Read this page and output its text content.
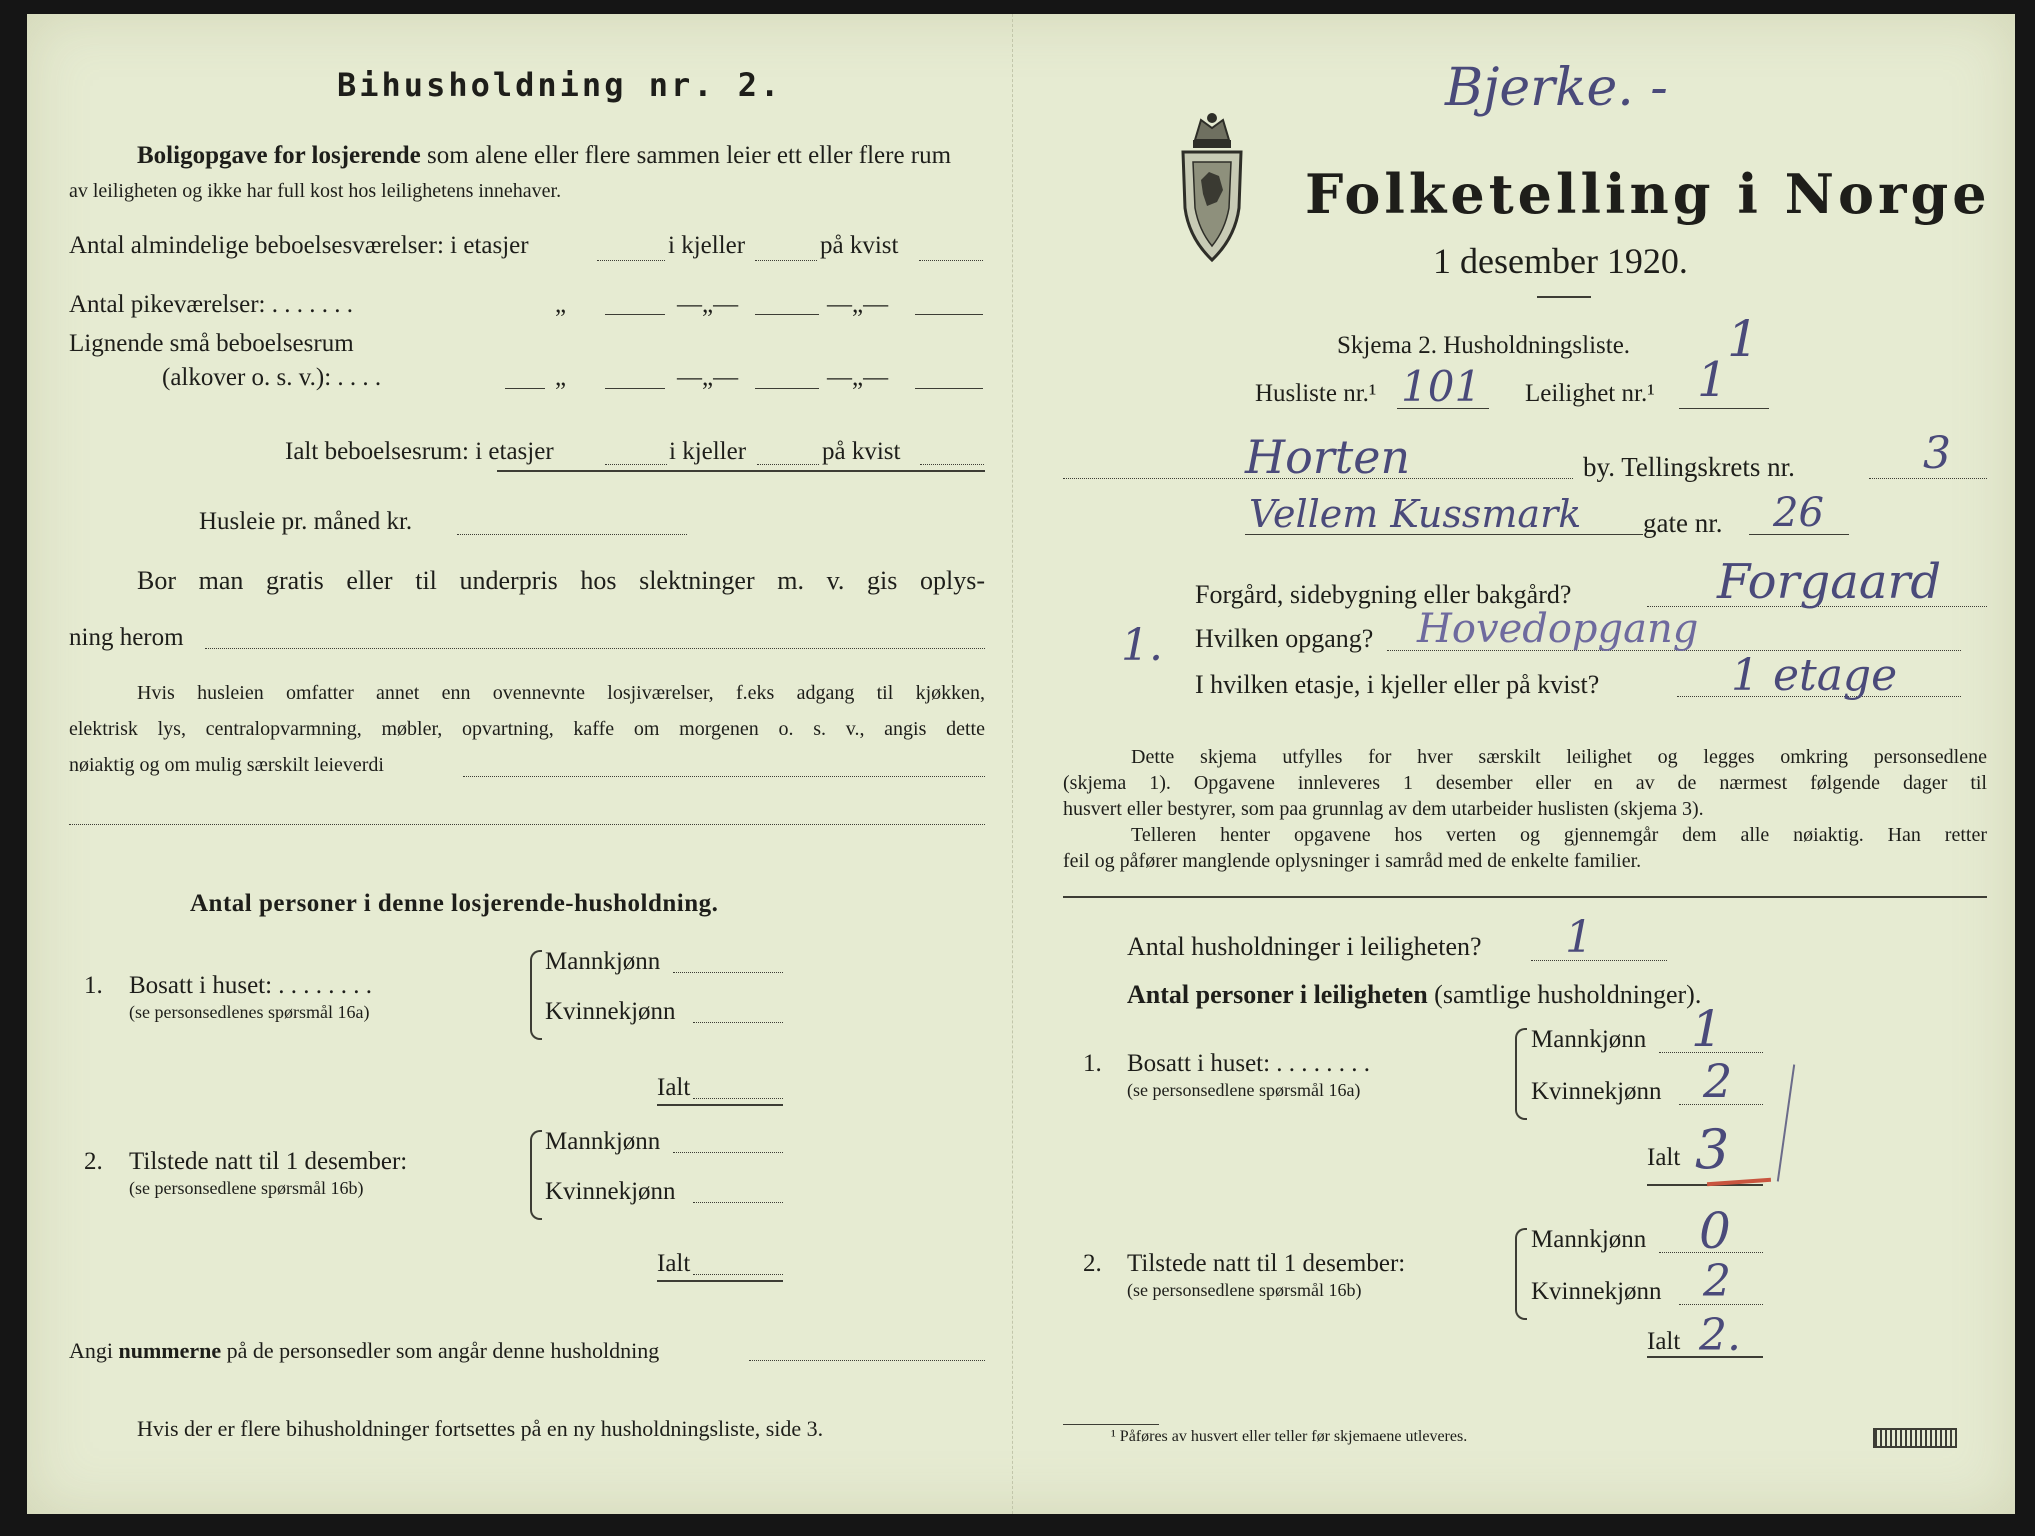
Bihusholdning nr. 2.
Boligopgave for losjerende som alene eller flere sammen leier ett eller flere rum
av leiligheten og ikke har full kost hos leilighetens innehaver.
Antal almindelige beboelsesværelser: i etasjer	i kjeller	på kvist
Antal pikeværelser: . . . . . . .	„	—„—	—„—
Lignende små beboelsesrum
(alkover o. s. v.): . . . .	„	—„—	—„—
Ialt beboelsesrum: i etasjer	i kjeller	på kvist
Husleie pr. måned kr.
Bor man gratis eller til underpris hos slektninger m. v. gis oplys-
ning herom
Hvis husleien omfatter annet enn ovennevnte losjiværelser, f.eks adgang til kjøkken,
elektrisk lys, centralopvarmning, møbler, opvartning, kaffe om morgenen o. s. v., angis dette
nøiaktig og om mulig særskilt leieverdi
Antal personer i denne losjerende-husholdning.
1. Bosatt i huset: . . . . . . . .
(se personsedlenes spørsmål 16a)
Mannkjønn
Kvinnekjønn
Ialt
2. Tilstede natt til 1 desember:
(se personsedlene spørsmål 16b)
Mannkjønn
Kvinnekjønn
Ialt
Angi nummerne på de personsedler som angår denne husholdning
Hvis der er flere bihusholdninger fortsettes på en ny husholdningsliste, side 3.
Bjerke. -
Folketelling i Norge
1 desember 1920.
Skjema 2. Husholdningsliste. 1
Husliste nr.¹ 101 Leilighet nr.¹ 1
Horten	by. Tellingskrets nr.	3
Vellem Kussmark gate nr. 26
Forgård, sidebygning eller bakgård?	Forgaard
1. Hvilken opgang? Hovedopgang
I hvilken etasje, i kjeller eller på kvist?	1 etage
Dette skjema utfylles for hver særskilt leilighet og legges omkring personsedlene
(skjema 1). Opgavene innleveres 1 desember eller en av de nærmest følgende dager til
husvert eller bestyrer, som paa grunnlag av dem utarbeider huslisten (skjema 3).
Telleren henter opgavene hos verten og gjennemgår dem alle nøiaktig. Han retter
feil og påfører manglende oplysninger i samråd med de enkelte familier.
Antal husholdninger i leiligheten? 1
Antal personer i leiligheten (samtlige husholdninger).
1. Bosatt i huset: . . . . . . . .
(se personsedlene spørsmål 16a)
Mannkjønn 1
Kvinnekjønn 2
Ialt 3
2. Tilstede natt til 1 desember:
(se personsedlene spørsmål 16b)
Mannkjønn 0
Kvinnekjønn 2
Ialt 2.
¹ Påføres av husvert eller teller før skjemaene utleveres.
